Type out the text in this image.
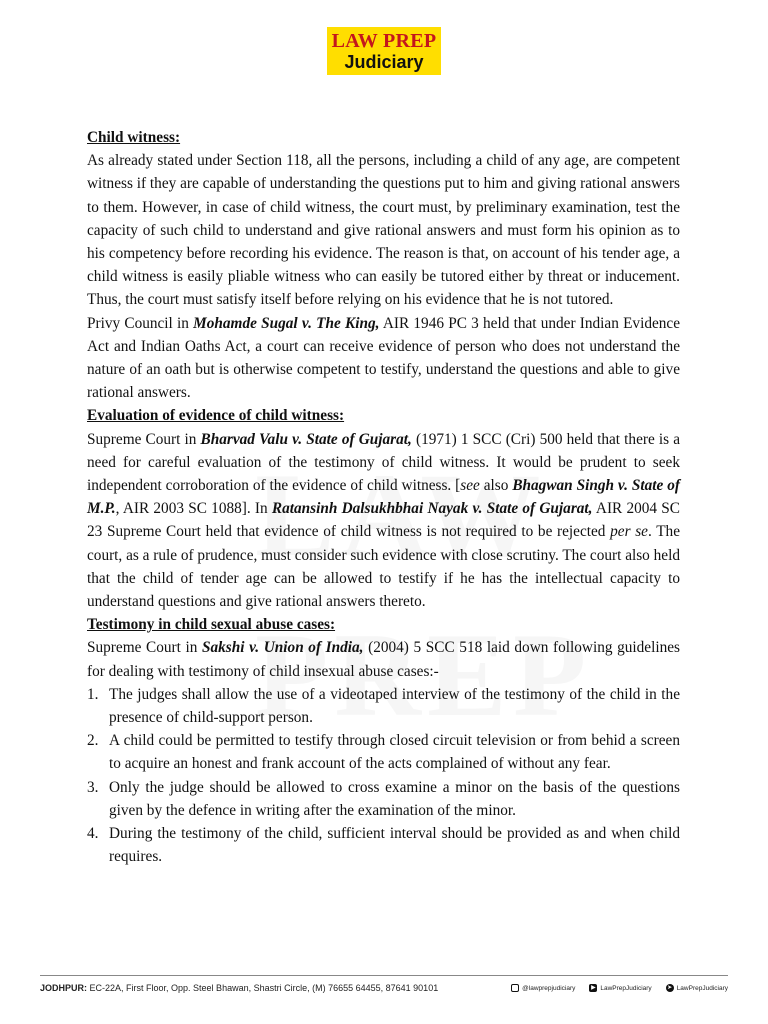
LAW PREP
Judiciary

Child witness:

As already stated under Section 118, all the persons, including a child of any age, are competent witness if they are capable of understanding the questions put to him and giving rational answers to them. However, in case of child witness, the court must, by preliminary examination, test the capacity of such child to understand and give rational answers and must form his opinion as to his competency before recording his evidence. The reason is that, on account of his tender age, a child witness is easily pliable witness who can easily be tutored either by threat or inducement. Thus, the court must satisfy itself before relying on his evidence that he is not tutored.

Privy Council in Mohamde Sugal v. The King, AIR 1946 PC 3 held that under Indian Evidence Act and Indian Oaths Act, a court can receive evidence of person who does not understand the nature of an oath but is otherwise competent to testify, understand the questions and able to give rational answers.

Evaluation of evidence of child witness:

Supreme Court in Bharvad Valu v. State of Gujarat, (1971) 1 SCC (Cri) 500 held that there is a need for careful evaluation of the testimony of child witness. It would be prudent to seek independent corroboration of the evidence of child witness. [see also Bhagwan Singh v. State of M.P., AIR 2003 SC 1088]. In Ratansinh Dalsukhbhai Nayak v. State of Gujarat, AIR 2004 SC 23 Supreme Court held that evidence of child witness is not required to be rejected per se. The court, as a rule of prudence, must consider such evidence with close scrutiny. The court also held that the child of tender age can be allowed to testify if he has the intellectual capacity to understand questions and give rational answers thereto.

Testimony in child sexual abuse cases:

Supreme Court in Sakshi v. Union of India, (2004) 5 SCC 518 laid down following guidelines for dealing with testimony of child insexual abuse cases:-

1. The judges shall allow the use of a videotaped interview of the testimony of the child in the presence of child-support person.
2. A child could be permitted to testify through closed circuit television or from behid a screen to acquire an honest and frank account of the acts complained of without any fear.
3. Only the judge should be allowed to cross examine a minor on the basis of the questions given by the defence in writing after the examination of the minor.
4. During the testimony of the child, sufficient interval should be provided as and when child requires.
JODHPUR: EC-22A, First Floor, Opp. Steel Bhawan, Shastri Circle, (M) 76655 64455, 87641 90101	@lawprepjudiciary	▶ LawPrepJudiciary	➤ LawPrepJudiciary
